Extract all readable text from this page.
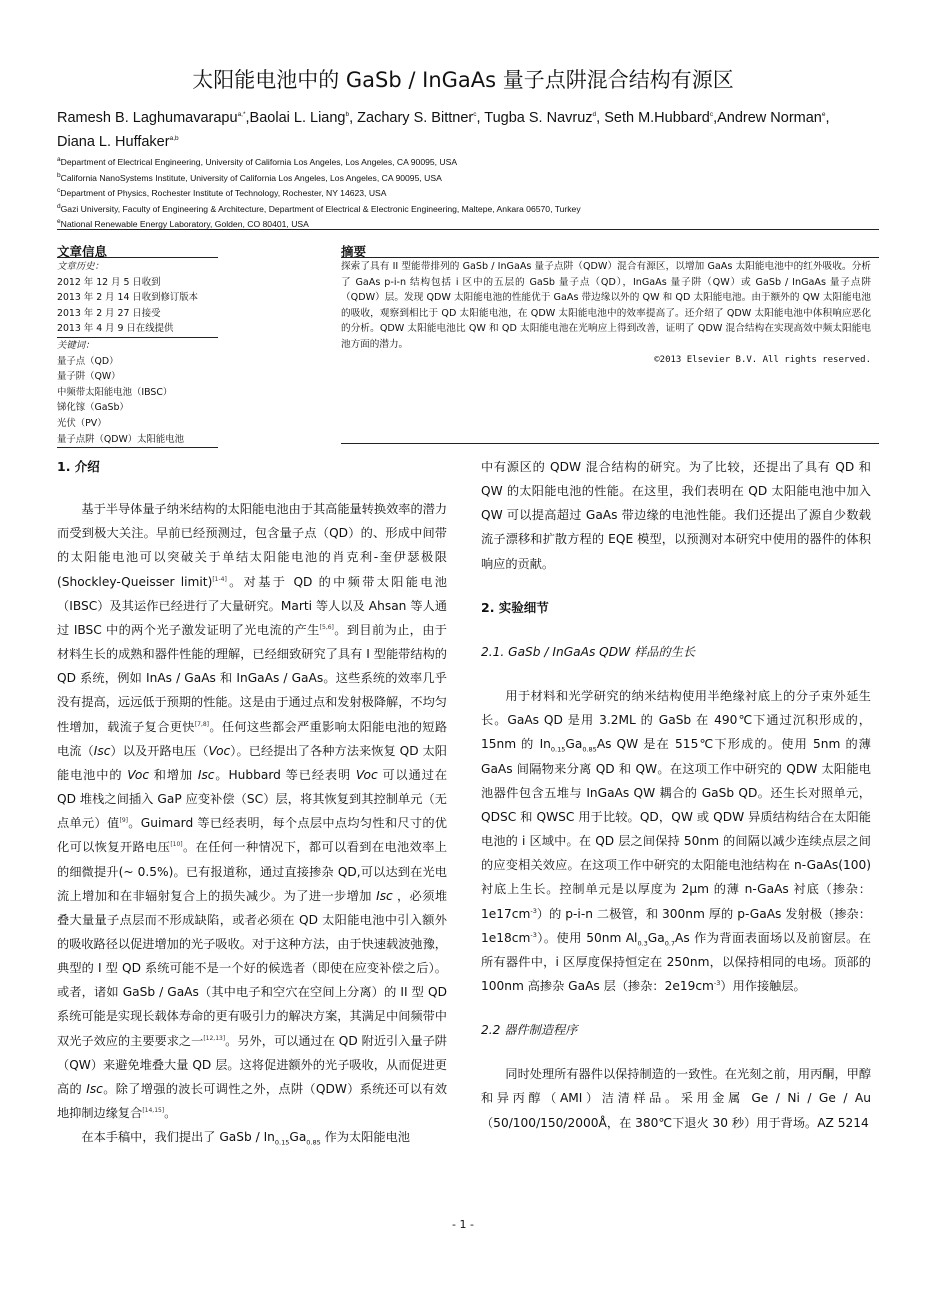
太阳能电池中的 GaSb / InGaAs 量子点阱混合结构有源区
Ramesh B. Laghumavarapu$^{a,*}$,Baolai L. Liang$^b$, Zachary S. Bittner$^c$, Tugba S. Navruz$^d$, Seth M.Hubbard$^c$,Andrew Norman$^e$,
Diana L. Huffaker$^{a,b}$
$^a$Department of Electrical Engineering, University of California Los Angeles, Los Angeles, CA 90095, USA
$^b$California NanoSystems Institute, University of California Los Angeles, Los Angeles, CA 90095, USA
$^c$Department of Physics, Rochester Institute of Technology, Rochester, NY 14623, USA
$^d$Gazi University, Faculty of Engineering & Architecture, Department of Electrical & Electronic Engineering, Maltepe, Ankara 06570, Turkey
$^e$National Renewable Energy Laboratory, Golden, CO 80401, USA
文章信息
文章历史：
2012 年 12 月 5 日收到
2013 年 2 月 14 日收到修订版本
2013 年 2 月 27 日接受
2013 年 4 月 9 日在线提供
关键词：
量子点（QD）
量子阱（QW）
中频带太阳能电池（IBSC）
锑化镓（GaSb）
光伏（PV）
量子点阱（QDW）太阳能电池
摘要
探索了具有 II 型能带排列的 GaSb / InGaAs 量子点阱（QDW）混合有源区，以增加 GaAs 太阳能电池中的红外吸收。分析了 GaAs p-i-n 结构包括 i 区中的五层的 GaSb 量子点（QD），InGaAs 量子阱（QW）或 GaSb / InGaAs 量子点阱（QDW）层。发现 QDW 太阳能电池的性能优于 GaAs 带边缘以外的 QW 和 QD 太阳能电池。由于额外的 QW 太阳能电池的吸收，观察到相比于 QD 太阳能电池，在 QDW 太阳能电池中的效率提高了。还介绍了 QDW 太阳能电池中体积响应恶化的分析。QDW 太阳能电池比 QW 和 QD 太阳能电池在光响应上得到改善，证明了 QDW 混合结构在实现高效中频太阳能电池方面的潜力。
©2013 Elsevier B.V. All rights reserved.
1. 介绍

基于半导体量子纳米结构的太阳能电池由于其高能量转换效率的潜力而受到极大关注。早前已经预测过，包含量子点（QD）的、形成中间带的太阳能电池可以突破关于单结太阳能电池的肖克利-奎伊瑟极限(Shockley-Queisser limit)[1-4]。对基于 QD 的中频带太阳能电池（IBSC）及其运作已经进行了大量研究。Marti 等人以及 Ahsan 等人通过 IBSC 中的两个光子激发证明了光电流的产生[5,6]。到目前为止，由于材料生长的成熟和器件性能的理解，已经细致研究了具有 I 型能带结构的 QD 系统，例如 InAs / GaAs 和 InGaAs / GaAs。这些系统的效率几乎没有提高，远远低于预期的性能。这是由于通过点和发射极降解，不均匀性增加，载流子复合更快[7,8]。任何这些都会严重影响太阳能电池的短路电流（Isc）以及开路电压（Voc）。已经提出了各种方法来恢复 QD 太阳能电池中的 Voc 和增加 Isc。Hubbard 等已经表明 Voc 可以通过在 QD 堆栈之间插入 GaP 应变补偿（SC）层，将其恢复到其控制单元（无点单元）值[9]。Guimard 等已经表明，每个点层中点均匀性和尺寸的优化可以恢复开路电压[10]。在任何一种情况下，都可以看到在电池效率上的细微提升(~ 0.5%)。已有报道称，通过直接掺杂 QD,可以达到在光电流上增加和在非辐射复合上的损失减少。为了进一步增加 Isc ，必须堆叠大量量子点层而不形成缺陷，或者必须在 QD 太阳能电池中引入额外的吸收路径以促进增加的光子吸收。对于这种方法，由于快速载波弛豫，典型的 I 型 QD 系统可能不是一个好的候选者（即使在应变补偿之后）。或者，诸如 GaSb / GaAs（其中电子和空穴在空间上分离）的 II 型 QD 系统可能是实现长载体寿命的更有吸引力的解决方案，其满足中间频带中双光子效应的主要要求之一[12,13]。另外，可以通过在 QD 附近引入量子阱（QW）来避免堆叠大量 QD 层。这将促进额外的光子吸收，从而促进更高的 Isc。除了增强的波长可调性之外，点阱（QDW）系统还可以有效地抑制边缘复合[14,15]。

在本手稿中，我们提出了 GaSb / $In_{0.15}Ga_{0.85}$ 作为太阳能电池

中有源区的 QDW 混合结构的研究。为了比较，还提出了具有 QD 和 QW 的太阳能电池的性能。在这里，我们表明在 QD 太阳能电池中加入 QW 可以提高超过 GaAs 带边缘的电池性能。我们还提出了源自少数载流子漂移和扩散方程的 EQE 模型，以预测对本研究中使用的器件的体积响应的贡献。

2. 实验细节
2.1. GaSb / InGaAs QDW 样品的生长

用于材料和光学研究的纳米结构使用半绝缘衬底上的分子束外延生长。GaAs QD 是用 3.2ML 的 GaSb 在 490℃下通过沉积形成的，15nm 的 $In_{0.15}Ga_{0.85}As$ QW 是在 515℃下形成的。使用 5nm 的薄 GaAs 间隔物来分离 QD 和 QW。在这项工作中研究的 QDW 太阳能电池器件包含五堆与 InGaAs QW 耦合的 GaSb QD。还生长对照单元，QDSC 和 QWSC 用于比较。QD，QW 或 QDW 异质结构结合在太阳能电池的 i 区域中。在 QD 层之间保持 50nm 的间隔以减少连续点层之间的应变相关效应。在这项工作中研究的太阳能电池结构在 n-GaAs(100)衬底上生长。控制单元是以厚度为 2μm 的薄 n-GaAs 衬底（掺杂：$1e17cm^{-3}$）的 p-i-n 二极管，和 300nm 厚的 p-GaAs 发射极（掺杂：$1e18cm^{-3}$）。使用 50nm $Al_{0.3}Ga_{0.7}As$ 作为背面表面场以及前窗层。在所有器件中，i 区厚度保持恒定在 250nm，以保持相同的电场。顶部的 100nm 高掺杂 GaAs 层（掺杂：$2e19cm^{-3}$）用作接触层。

2.2 器件制造程序

同时处理所有器件以保持制造的一致性。在光刻之前，用丙酮，甲醇和异丙醇（AMI）洁清样品。采用金属 Ge / Ni / Ge / Au（50/100/150/2000Å，在 380℃下退火 30 秒）用于背场。AZ 5214

- 1 -
